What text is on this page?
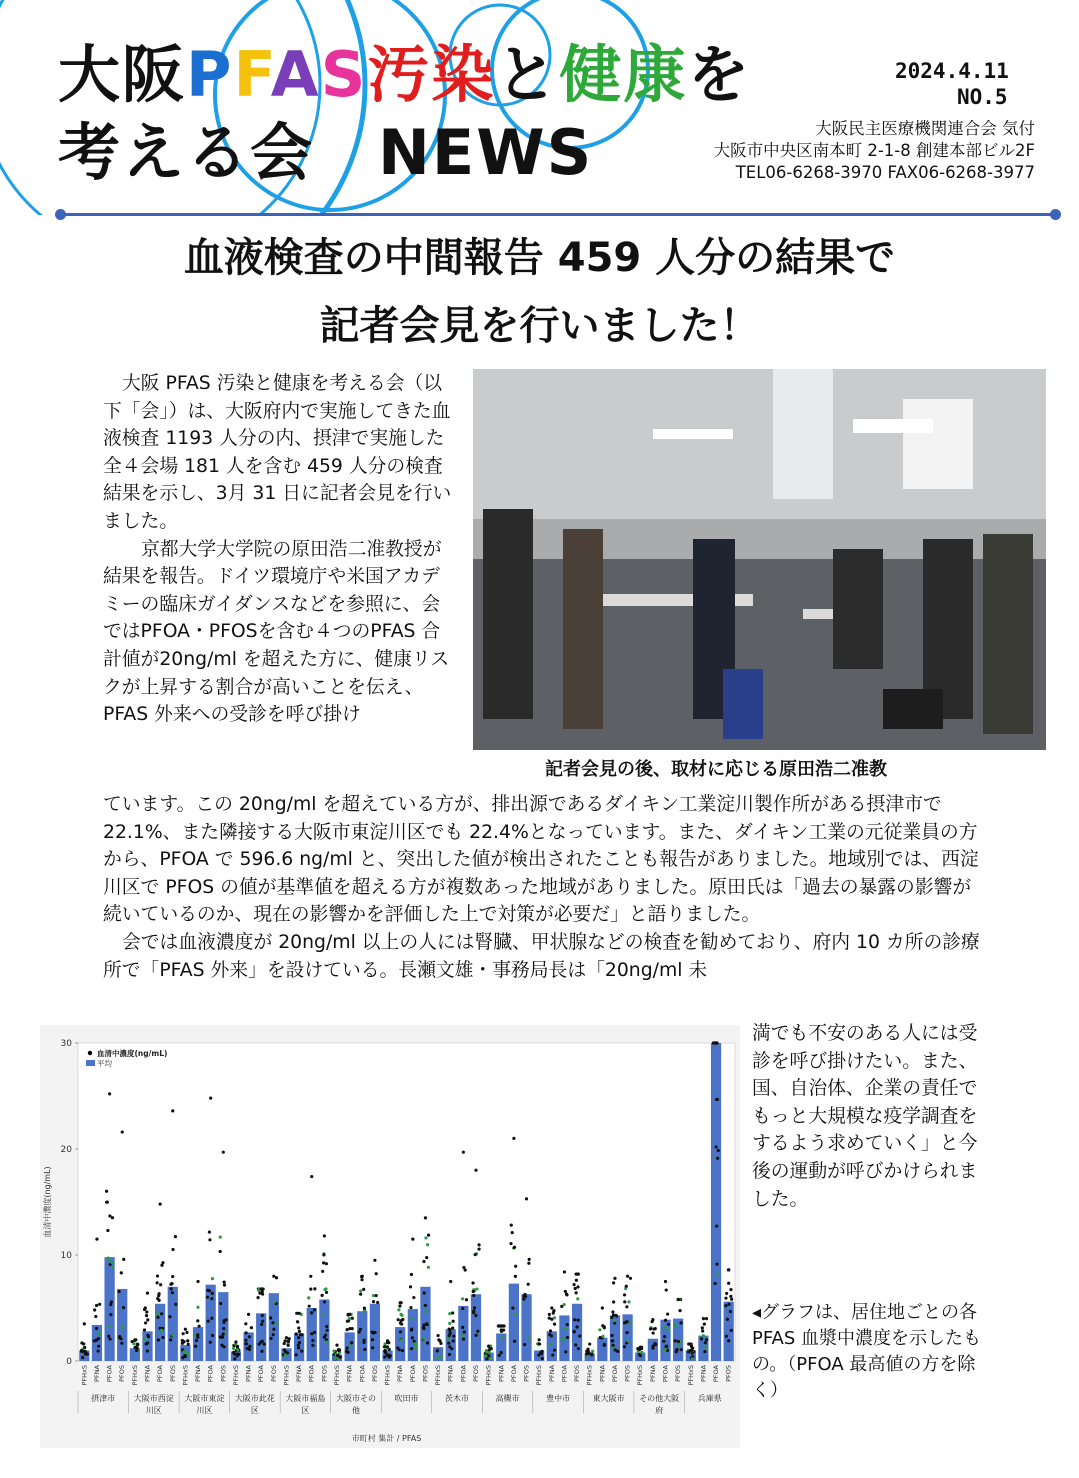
大阪PFAS汚染と健康を
考える会　NEWS
2024.4.11
NO.5
大阪民主医療機関連合会 気付
大阪市中央区南本町 2-1-8 創建本部ビル2F
TEL06-6268-3970 FAX06-6268-3977
血液検査の中間報告 459 人分の結果で
記者会見を行いました！
大阪 PFAS 汚染と健康を考える会（以下「会」）は、大阪府内で実施してきた血液検査 1193 人分の内、摂津で実施した全４会場 181 人を含む 459 人分の検査結果を示し、3月 31 日に記者会見を行いました。
京都大学大学院の原田浩二准教授が結果を報告。ドイツ環境庁や米国アカデミーの臨床ガイダンスなどを参照に、会ではPFOA・PFOSを含む４つのPFAS 合計値が20ng/ml を超えた方に、健康リスクが上昇する割合が高いことを伝え、PFAS 外来への受診を呼び掛け
記者会見の後、取材に応じる原田浩二准教
ています。この 20ng/ml を超えている方が、排出源であるダイキン工業淀川製作所がある摂津市で 22.1%、また隣接する大阪市東淀川区でも 22.4%となっています。また、ダイキン工業の元従業員の方から、PFOA で 596.6 ng/ml と、突出した値が検出されたことも報告がありました。地域別では、西淀川区で PFOS の値が基準値を超える方が複数あった地域がありました。原田氏は「過去の暴露の影響が続いているのか、現在の影響かを評価した上で対策が必要だ」と語りました。
会では血液濃度が 20ng/ml 以上の人には腎臓、甲状腺などの検査を勧めており、府内 10 カ所の診療所で「PFAS 外来」を設けている。長瀬文雄・事務局長は「20ng/ml 未
0
10
20
30
血清中濃度(ng/mL)
血清中濃度(ng/mL)
平均
PFHxS PFNA PFOA PFOS
摂津市
PFHxS PFNA PFOA PFOS
大阪市西淀
川区
PFHxS PFNA PFOA PFOS
大阪市東淀
川区
PFHxS PFNA PFOA PFOS
大阪市此花
区
PFHxS PFNA PFOA PFOS
大阪市福島
区
PFHxS PFNA PFOA PFOS
大阪市その
他
PFHxS PFNA PFOA PFOS
吹田市
PFHxS PFNA PFOA PFOS
茨木市
PFHxS PFNA PFOA PFOS
高槻市
PFHxS PFNA PFOA PFOS
豊中市
PFHxS PFNA PFOA PFOS
東大阪市
PFHxS PFNA PFOA PFOS
その他大阪
府
PFHxS PFNA PFOA PFOS
兵庫県
市町村 集計 / PFAS
満でも不安のある人には受診を呼び掛けたい。また、国、自治体、企業の責任でもっと大規模な疫学調査をするよう求めていく」と今後の運動が呼びかけられました。
◂グラフは、居住地ごとの各 PFAS 血漿中濃度を示したもの。（PFOA 最高値の方を除く）
